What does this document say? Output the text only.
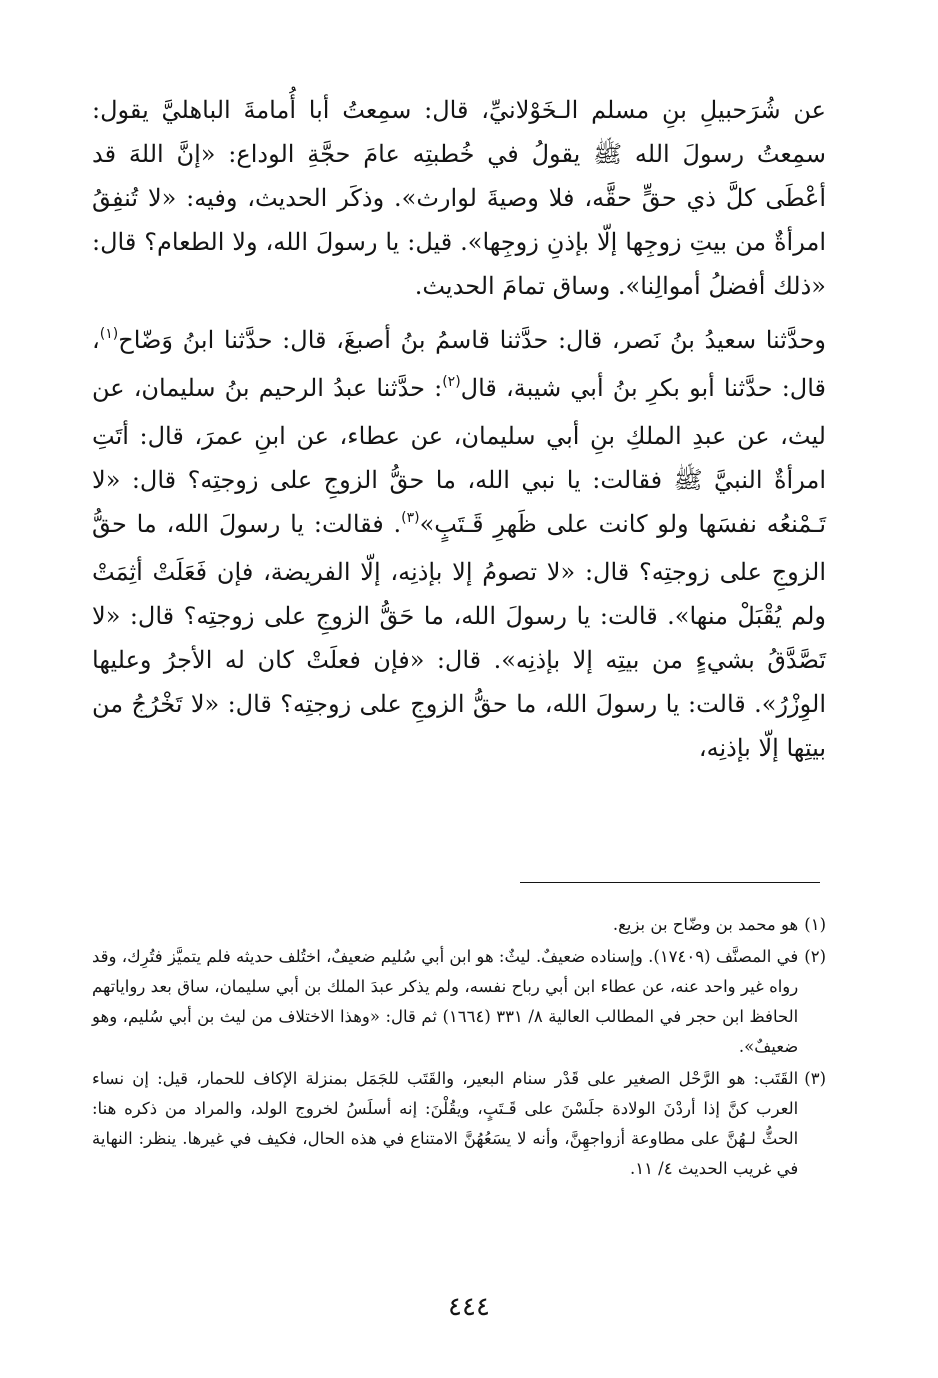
عن شُرَحبيلِ بنِ مسلم الـخَوْلانيِّ، قال: سمِعتُ أبا أُمامةَ الباهليَّ يقول: سمِعتُ رسولَ الله ﷺ يقولُ في خُطبتِه عامَ حجَّةِ الوداع: «إنَّ اللهَ قد أعْطَى كلَّ ذي حقٍّ حقَّه، فلا وصيةَ لوارث». وذكَر الحديث، وفيه: «لا تُنفِقُ امرأةٌ من بيتِ زوجِها إلّا بإذنِ زوجِها». قيل: يا رسولَ الله، ولا الطعام؟ قال: «ذلك أفضلُ أموالِنا». وساق تمامَ الحديث.

وحدَّثنا سعيدُ بنُ نَصر، قال: حدَّثنا قاسمُ بنُ أصبغَ، قال: حدَّثنا ابنُ وَضّاح$^{(١)}$، قال: حدَّثنا أبو بكرِ بنُ أبي شيبة، قال$^{(٢)}$: حدَّثنا عبدُ الرحيم بنُ سليمان، عن ليث، عن عبدِ الملكِ بنِ أبي سليمان، عن عطاء، عن ابنِ عمرَ، قال: أتَتِ امرأةٌ النبيَّ ﷺ فقالت: يا نبي الله، ما حقُّ الزوجِ على زوجتِه؟ قال: «لا تَـمْنعُه نفسَها ولو كانت على ظَهرِ قَـتَبٍ»$^{(٣)}$. فقالت: يا رسولَ الله، ما حقُّ الزوجِ على زوجتِه؟ قال: «لا تصومُ إلا بإذنِه، إلّا الفريضة، فإن فَعَلَتْ أثِمَتْ ولم يُقْبَلْ منها». قالت: يا رسولَ الله، ما حَقُّ الزوجِ على زوجتِه؟ قال: «لا تَصَّدَّقُ بشيءٍ من بيتِه إلا بإذنِه». قال: «فإن فعلَتْ كان له الأجرُ وعليها الوِزْرُ». قالت: يا رسولَ الله، ما حقُّ الزوجِ على زوجتِه؟ قال: «لا تَخْرُجُ من بيتِها إلّا بإذنِه،

(١)
هو محمد بن وضّاح بن بزيع.
(٢)
في المصنَّف (١٧٤٠٩). وإسناده ضعيفٌ. ليثٌ: هو ابن أبي سُليم ضعيفٌ، اختُلف حديثه فلم يتميَّز فتُرِك، وقد رواه غير واحد عنه، عن عطاء ابن أبي رباح نفسه، ولم يذكر عبدَ الملك بن أبي سليمان، ساق بعد رواياتهم الحافظ ابن حجر في المطالب العالية ٨/ ٣٣١ (١٦٦٤) ثم قال: «وهذا الاختلاف من ليث بن أبي سُليم، وهو ضعيفٌ».
(٣)
القَتَب: هو الرَّحْل الصغير على قَدْر سنام البعير، والقَتَب للجَمَل بمنزلة الإكاف للحمار، قيل: إن نساء العرب كنَّ إذا أردْنَ الولادة جلَسْنَ على قَـتَبٍ، ويقُلْنَ: إنه أسلَسُ لخروج الولد، والمراد من ذكره هنا: الحثُّ لـهُنَّ على مطاوعة أزواجهِنَّ، وأنه لا يسَعُهُنَّ الامتناع في هذه الحال، فكيف في غيرها. ينظر: النهاية في غريب الحديث ٤/ ١١.
٤٤٤
